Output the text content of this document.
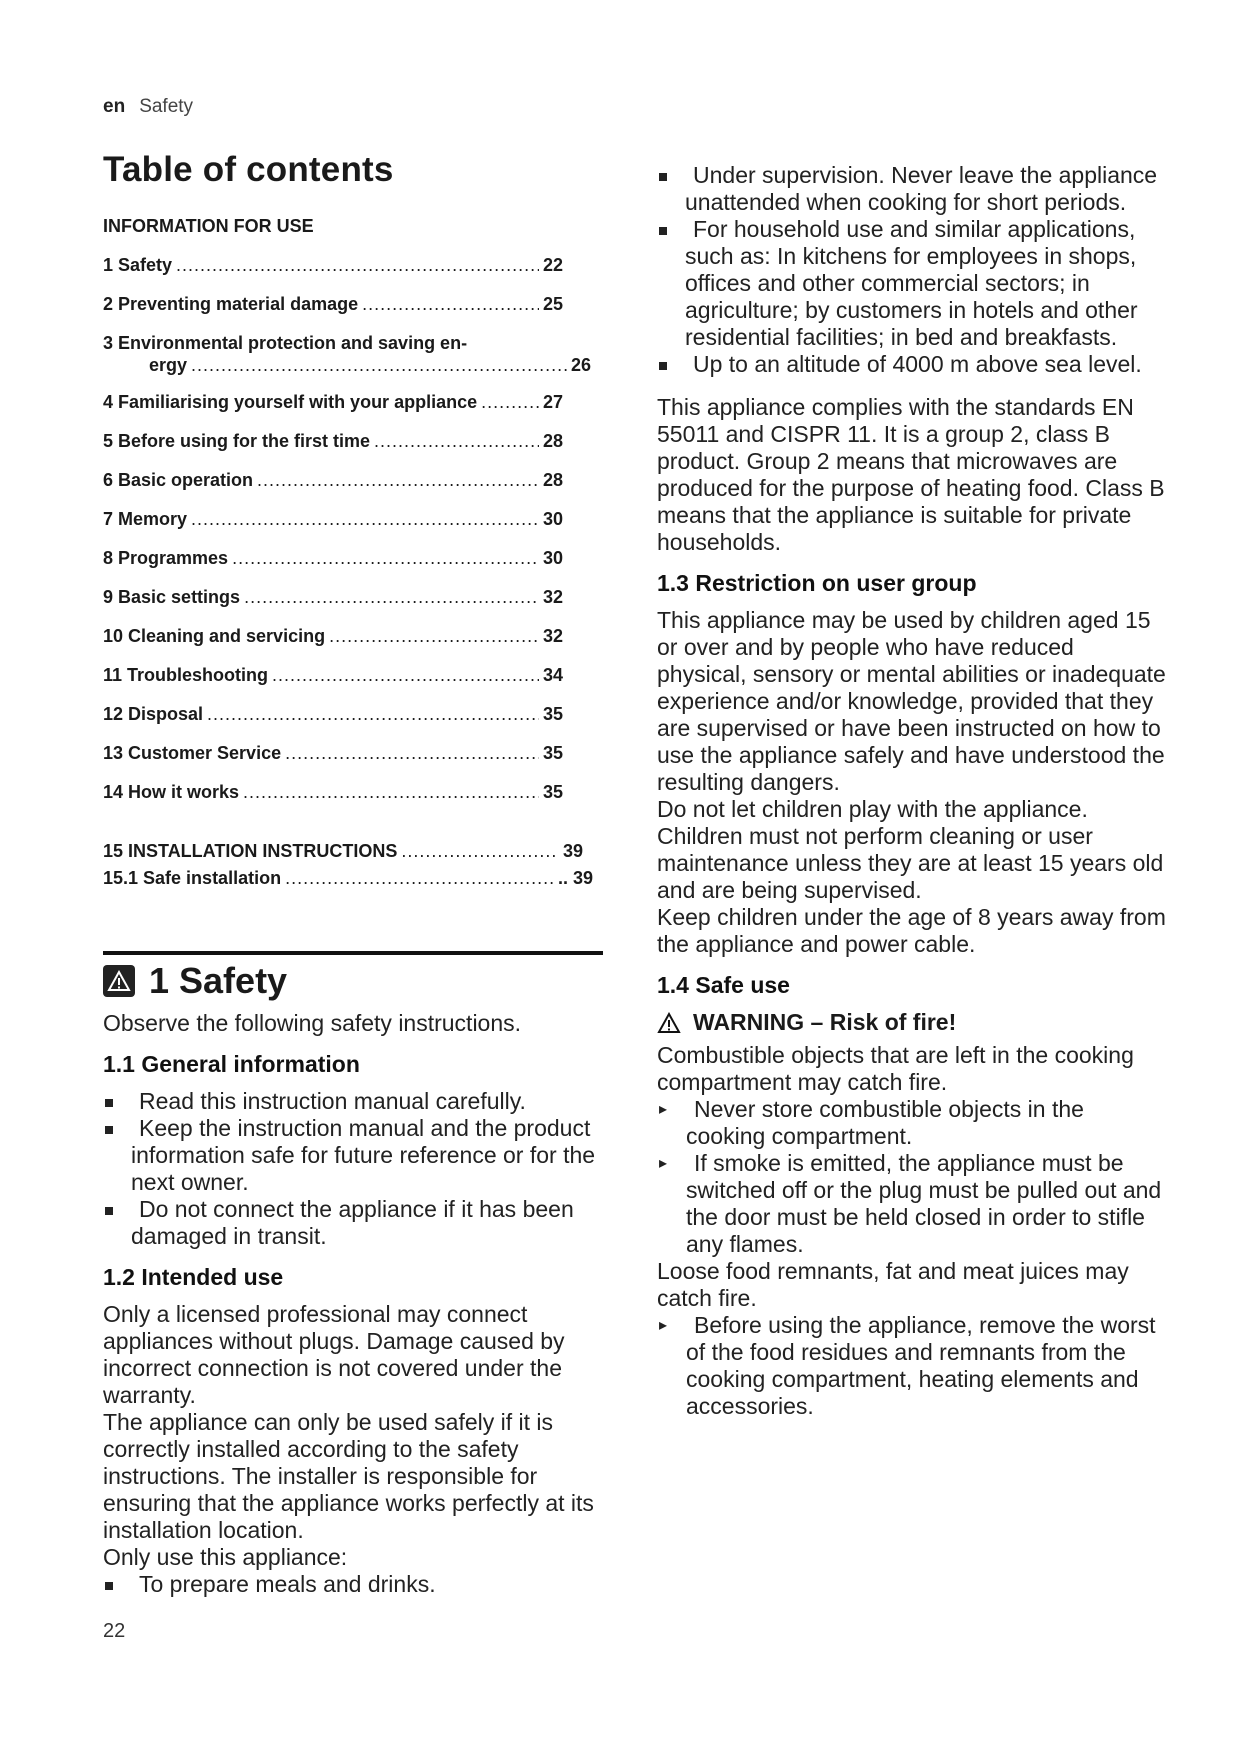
en Safety
Table of contents
INFORMATION FOR USE
1 Safety .....	22
2 Preventing material damage .....	25
3 Environmental protection and saving en-
ergy .....	26
4 Familiarising yourself with your appliance .....	27
5 Before using for the first time .....	28
6 Basic operation .....	28
7 Memory .....	30
8 Programmes .....	30
9 Basic settings .....	32
10 Cleaning and servicing .....	32
11 Troubleshooting .....	34
12 Disposal .....	35
13 Customer Service .....	35
14 How it works .....	35
15 INSTALLATION INSTRUCTIONS .....	39
15.1 Safe installation .....	.. 39
1 Safety

Observe the following safety instructions.

1.1 General information
Read this instruction manual carefully.
Keep the instruction manual and the product information safe for future reference or for the next owner.
Do not connect the appliance if it has been damaged in transit.
1.2 Intended use

Only a licensed professional may connect appliances without plugs. Damage caused by incorrect connection is not covered under the warranty.

The appliance can only be used safely if it is correctly installed according to the safety instructions. The installer is responsible for ensuring that the appliance works perfectly at its installation location.

Only use this appliance:

To prepare meals and drinks.
Under supervision. Never leave the appliance unattended when cooking for short periods.
For household use and similar applications, such as: In kitchens for employees in shops, offices and other commercial sectors; in agriculture; by customers in hotels and other residential facilities; in bed and breakfasts.
Up to an altitude of 4000 m above sea level.

This appliance complies with the standards EN 55011 and CISPR 11. It is a group 2, class B product. Group 2 means that microwaves are produced for the purpose of heating food. Class B means that the appliance is suitable for private households.

1.3 Restriction on user group

This appliance may be used by children aged 15 or over and by people who have reduced physical, sensory or mental abilities or inadequate experience and/or knowledge, provided that they are supervised or have been instructed on how to use the appliance safely and have understood the resulting dangers.

Do not let children play with the appliance.

Children must not perform cleaning or user maintenance unless they are at least 15 years old and are being supervised.

Keep children under the age of 8 years away from the appliance and power cable.

1.4 Safe use
WARNING – Risk of fire!

Combustible objects that are left in the cooking compartment may catch fire.

▸ Never store combustible objects in the cooking compartment.
▸ If smoke is emitted, the appliance must be switched off or the plug must be pulled out and the door must be held closed in order to stifle any flames.

Loose food remnants, fat and meat juices may catch fire.

▸ Before using the appliance, remove the worst of the food residues and remnants from the cooking compartment, heating elements and accessories.
22
